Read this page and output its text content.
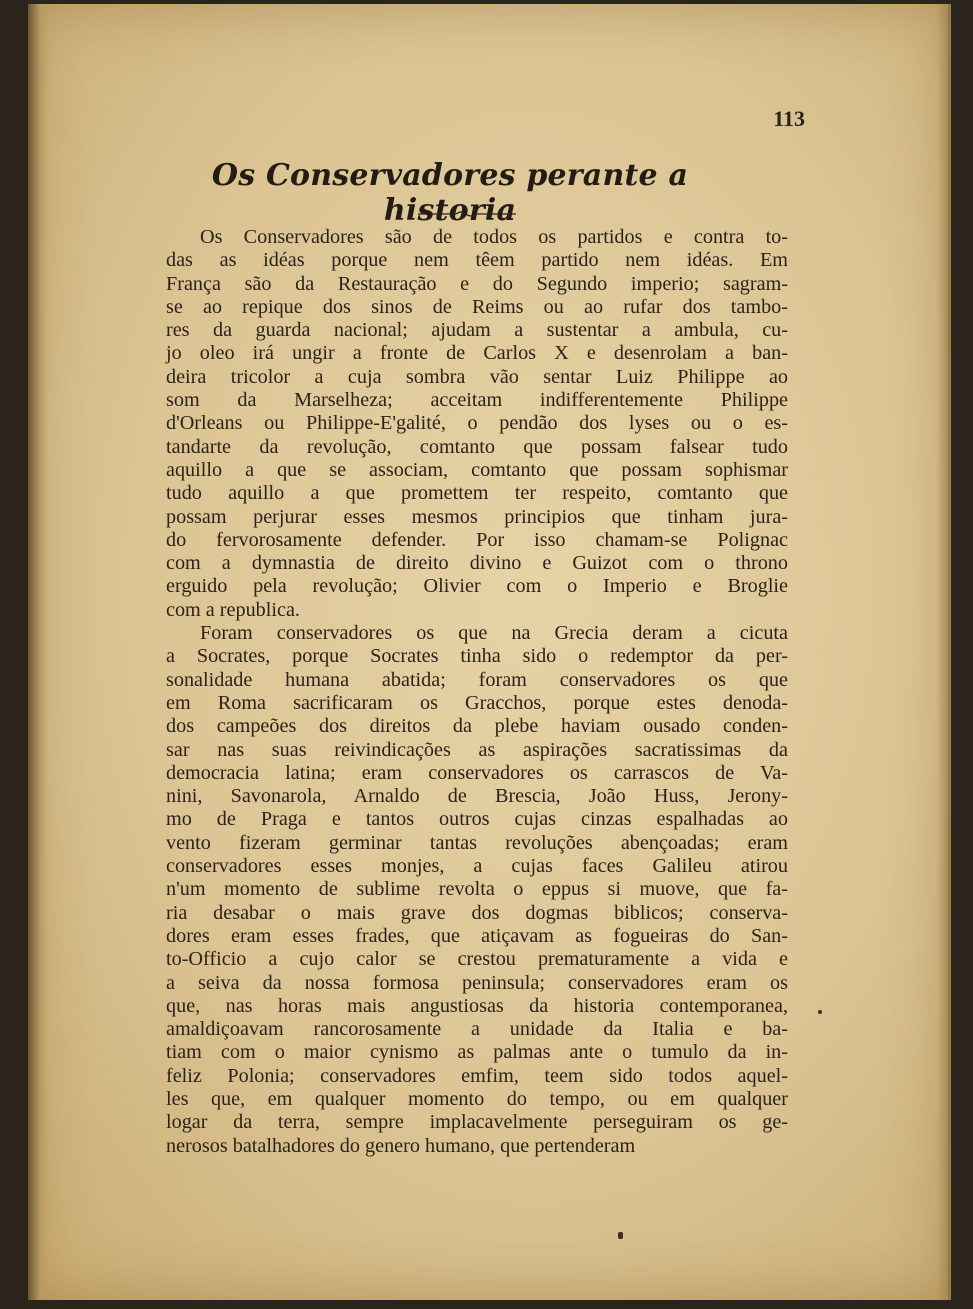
113
Os Conservadores perante a historia
Os Conservadores são de todos os partidos e contra to-
das as idéas porque nem têem partido nem idéas. Em
França são da Restauração e do Segundo imperio; sagram-
se ao repique dos sinos de Reims ou ao rufar dos tambo-
res da guarda nacional; ajudam a sustentar a ambula, cu-
jo oleo irá ungir a fronte de Carlos X e desenrolam a ban-
deira tricolor a cuja sombra vão sentar Luiz Philippe ao
som da Marselheza; acceitam indifferentemente Philippe
d'Orleans ou Philippe-E'galité, o pendão dos lyses ou o es-
tandarte da revolução, comtanto que possam falsear tudo
aquillo a que se associam, comtanto que possam sophismar
tudo aquillo a que promettem ter respeito, comtanto que
possam perjurar esses mesmos principios que tinham jura-
do fervorosamente defender. Por isso chamam-se Polignac
com a dymnastia de direito divino e Guizot com o throno
erguido pela revolução; Olivier com o Imperio e Broglie
com a republica.
Foram conservadores os que na Grecia deram a cicuta
a Socrates, porque Socrates tinha sido o redemptor da per-
sonalidade humana abatida; foram conservadores os que
em Roma sacrificaram os Gracchos, porque estes denoda-
dos campeões dos direitos da plebe haviam ousado conden-
sar nas suas reivindicações as aspirações sacratissimas da
democracia latina; eram conservadores os carrascos de Va-
nini, Savonarola, Arnaldo de Brescia, João Huss, Jerony-
mo de Praga e tantos outros cujas cinzas espalhadas ao
vento fizeram germinar tantas revoluções abençoadas; eram
conservadores esses monjes, a cujas faces Galileu atirou
n'um momento de sublime revolta o eppus si muove, que fa-
ria desabar o mais grave dos dogmas biblicos; conserva-
dores eram esses frades, que atiçavam as fogueiras do San-
to-Officio a cujo calor se crestou prematuramente a vida e
a seiva da nossa formosa peninsula; conservadores eram os
que, nas horas mais angustiosas da historia contemporanea,
amaldiçoavam rancorosamente a unidade da Italia e ba-
tiam com o maior cynismo as palmas ante o tumulo da in-
feliz Polonia; conservadores emfim, teem sido todos aquel-
les que, em qualquer momento do tempo, ou em qualquer
logar da terra, sempre implacavelmente perseguiram os ge-
nerosos batalhadores do genero humano, que pertenderam
